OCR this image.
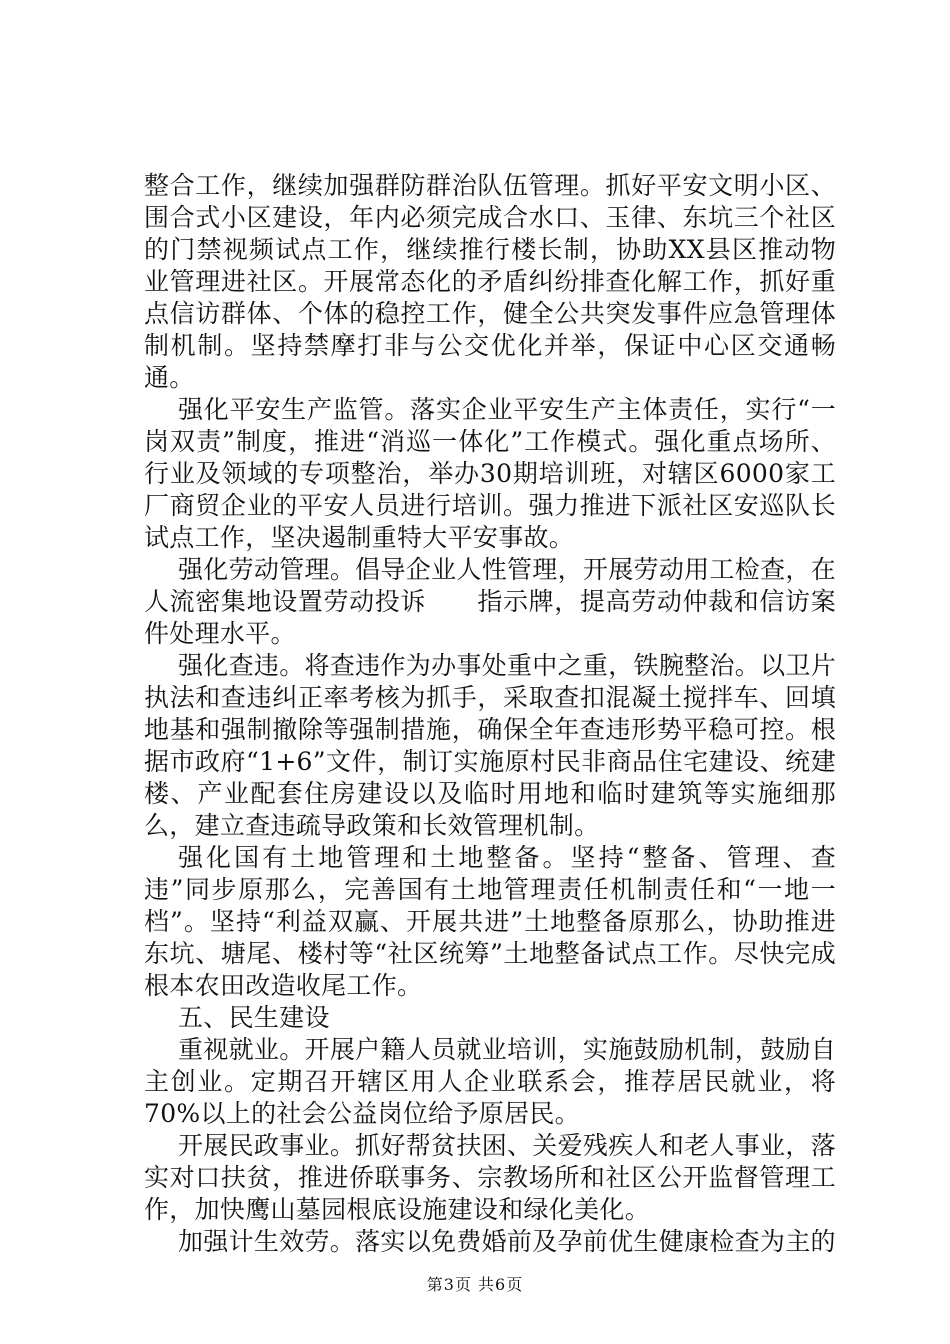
整合工作，继续加强群防群治队伍管理。抓好平安文明小区、围合式小区建设，年内必须完成合水口、玉律、东坑三个社区的门禁视频试点工作，继续推行楼长制，协助XX县区推动物业管理进社区。开展常态化的矛盾纠纷排查化解工作，抓好重点信访群体、个体的稳控工作，健全公共突发事件应急管理体制机制。坚持禁摩打非与公交优化并举，保证中心区交通畅通。

强化平安生产监管。落实企业平安生产主体责任，实行“一岗双责”制度，推进“消巡一体化”工作模式。强化重点场所、行业及领域的专项整治，举办30期培训班，对辖区6000家工厂商贸企业的平安人员进行培训。强力推进下派社区安巡队长试点工作，坚决遏制重特大平安事故。

强化劳动管理。倡导企业人性管理，开展劳动用工检查，在人流密集地设置劳动投诉　　指示牌，提高劳动仲裁和信访案件处理水平。

强化查违。将查违作为办事处重中之重，铁腕整治。以卫片执法和查违纠正率考核为抓手，采取查扣混凝土搅拌车、回填地基和强制撤除等强制措施，确保全年查违形势平稳可控。根据市政府“1+6”文件，制订实施原村民非商品住宅建设、统建楼、产业配套住房建设以及临时用地和临时建筑等实施细那么，建立查违疏导政策和长效管理机制。

强化国有土地管理和土地整备。坚持“整备、管理、查违”同步原那么，完善国有土地管理责任机制责任和“一地一档”。坚持“利益双赢、开展共进”土地整备原那么，协助推进东坑、塘尾、楼村等“社区统筹”土地整备试点工作。尽快完成根本农田改造收尾工作。

五、民生建设

重视就业。开展户籍人员就业培训，实施鼓励机制，鼓励自主创业。定期召开辖区用人企业联系会，推荐居民就业，将70%以上的社会公益岗位给予原居民。

开展民政事业。抓好帮贫扶困、关爱残疾人和老人事业，落实对口扶贫，推进侨联事务、宗教场所和社区公开监督管理工作，加快鹰山墓园根底设施建设和绿化美化。

加强计生效劳。落实以免费婚前及孕前优生健康检查为主的

第3页 共6页
